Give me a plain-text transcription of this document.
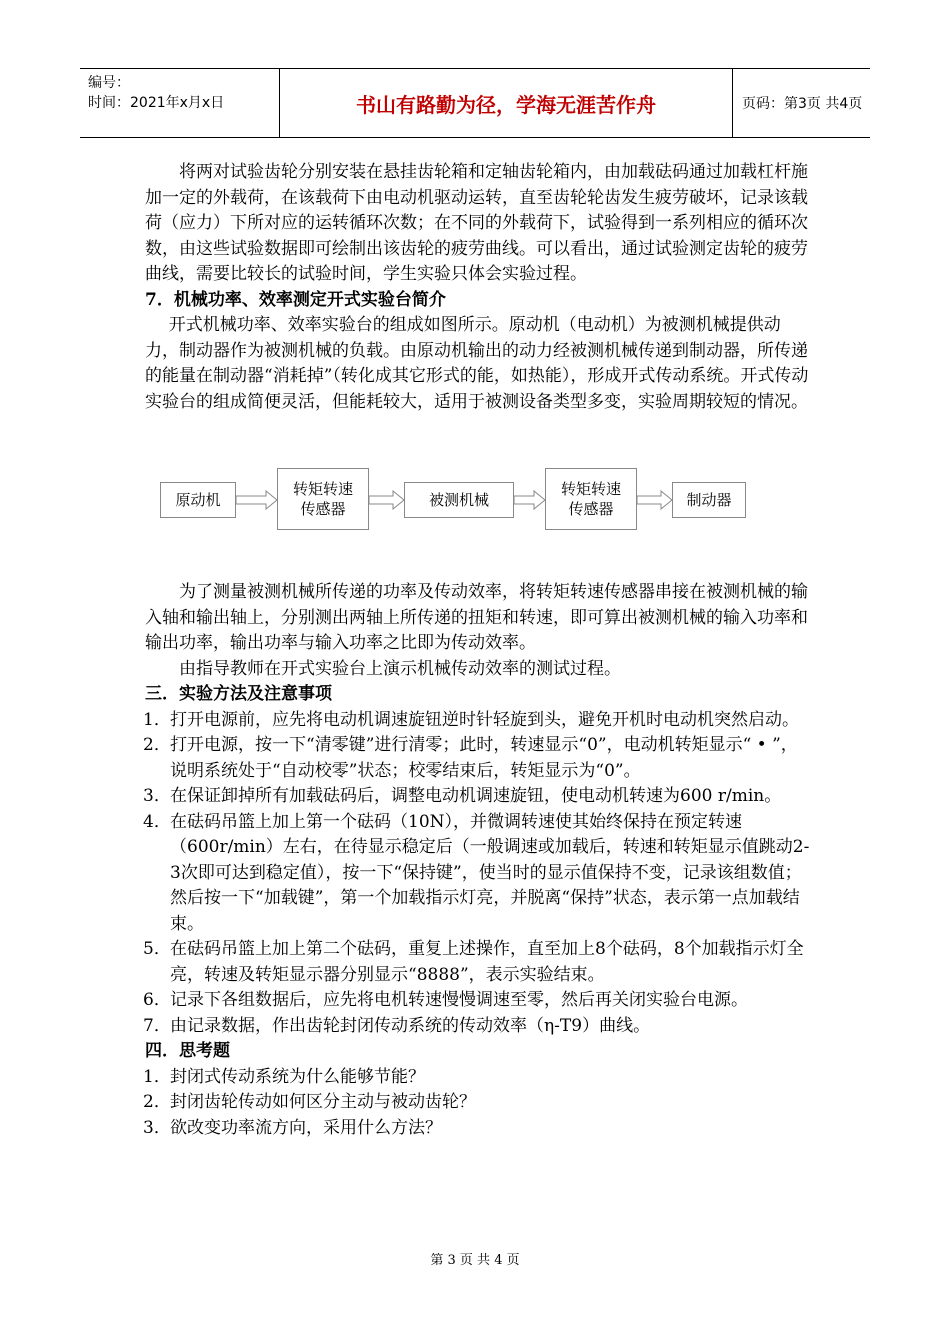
编号：
时间：2021年x月x日	书山有路勤为径，学海无涯苦作舟	页码：第3页 共4页

将两对试验齿轮分别安装在悬挂齿轮箱和定轴齿轮箱内，由加载砝码通过加载杠杆施加一定的外载荷，在该载荷下由电动机驱动运转，直至齿轮轮齿发生疲劳破坏，记录该载荷（应力）下所对应的运转循环次数；在不同的外载荷下，试验得到一系列相应的循环次数，由这些试验数据即可绘制出该齿轮的疲劳曲线。可以看出，通过试验测定齿轮的疲劳曲线，需要比较长的试验时间，学生实验只体会实验过程。

7．机械功率、效率测定开式实验台简介

开式机械功率、效率实验台的组成如图所示。原动机（电动机）为被测机械提供动力，制动器作为被测机械的负载。由原动机输出的动力经被测机械传递到制动器，所传递的能量在制动器“消耗掉”（转化成其它形式的能，如热能），形成开式传动系统。开式传动实验台的组成简便灵活，但能耗较大，适用于被测设备类型多变，实验周期较短的情况。

原动机
转矩转速
传感器	被测机械
转矩转速
传感器	制动器

为了测量被测机械所传递的功率及传动效率，将转矩转速传感器串接在被测机械的输入轴和输出轴上，分别测出两轴上所传递的扭矩和转速，即可算出被测机械的输入功率和输出功率，输出功率与输入功率之比即为传动效率。

由指导教师在开式实验台上演示机械传动效率的测试过程。

三．实验方法及注意事项

1． 打开电源前，应先将电动机调速旋钮逆时针轻旋到头，避免开机时电动机突然启动。
2． 打开电源，按一下“清零键”进行清零；此时，转速显示“0”，电动机转矩显示“ • ”，说明系统处于“自动校零”状态；校零结束后，转矩显示为“0”。
3． 在保证卸掉所有加载砝码后，调整电动机调速旋钮，使电动机转速为600 r/min。
4． 在砝码吊篮上加上第一个砝码（10N），并微调转速使其始终保持在预定转速（600r/min）左右，在待显示稳定后（一般调速或加载后，转速和转矩显示值跳动2-3次即可达到稳定值），按一下“保持键”，使当时的显示值保持不变，记录该组数值；然后按一下“加载键”，第一个加载指示灯亮，并脱离“保持”状态，表示第一点加载结束。
5． 在砝码吊篮上加上第二个砝码，重复上述操作，直至加上8个砝码，8个加载指示灯全亮，转速及转矩显示器分别显示“8888”，表示实验结束。
6． 记录下各组数据后，应先将电机转速慢慢调速至零，然后再关闭实验台电源。
7． 由记录数据，作出齿轮封闭传动系统的传动效率（η-T9）曲线。

四．思考题

1． 封闭式传动系统为什么能够节能？
2． 封闭齿轮传动如何区分主动与被动齿轮？
3． 欲改变功率流方向，采用什么方法？
第 3 页 共 4 页
